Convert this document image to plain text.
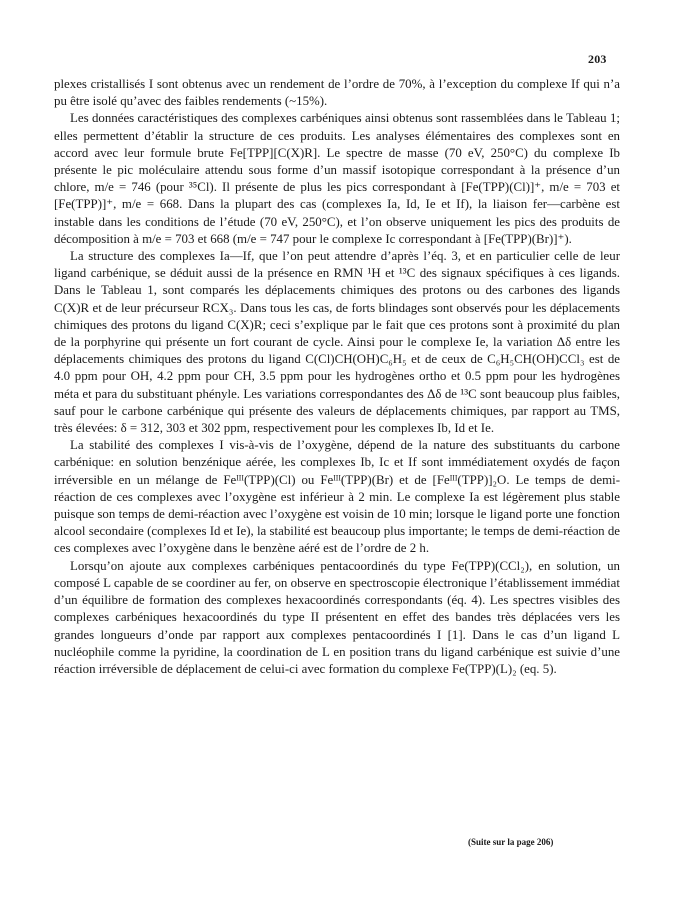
203

plexes cristallisés I sont obtenus avec un rendement de l’ordre de 70%, à l’exception du complexe If qui n’a pu être isolé qu’avec des faibles rendements (~15%).

Les données caractéristiques des complexes carbéniques ainsi obtenus sont rassemblées dans le Tableau 1; elles permettent d’établir la structure de ces produits. Les analyses élémentaires des complexes sont en accord avec leur formule brute Fe[TPP][C(X)R]. Le spectre de masse (70 eV, 250°C) du complexe Ib présente le pic moléculaire attendu sous forme d’un massif isotopique correspondant à la présence d’un chlore, m/e = 746 (pour ³⁵Cl). Il présente de plus les pics correspondant à [Fe(TPP)(Cl)]⁺, m/e = 703 et [Fe(TPP)]⁺, m/e = 668. Dans la plupart des cas (complexes Ia, Id, Ie et If), la liaison fer—carbène est instable dans les conditions de l’étude (70 eV, 250°C), et l’on observe uniquement les pics des produits de décomposition à m/e = 703 et 668 (m/e = 747 pour le complexe Ic correspondant à [Fe(TPP)(Br)]⁺).

La structure des complexes Ia—If, que l’on peut attendre d’après l’éq. 3, et en particulier celle de leur ligand carbénique, se déduit aussi de la présence en RMN ¹H et ¹³C des signaux spécifiques à ces ligands. Dans le Tableau 1, sont comparés les déplacements chimiques des protons ou des carbones des ligands C(X)R et de leur précurseur RCX₃. Dans tous les cas, de forts blindages sont observés pour les déplacements chimiques des protons du ligand C(X)R; ceci s’explique par le fait que ces protons sont à proximité du plan de la porphyrine qui présente un fort courant de cycle. Ainsi pour le complexe Ie, la variation Δδ entre les déplacements chimiques des protons du ligand C(Cl)CH(OH)C₆H₅ et de ceux de C₆H₅CH(OH)CCl₃ est de 4.0 ppm pour OH, 4.2 ppm pour CH, 3.5 ppm pour les hydrogènes ortho et 0.5 ppm pour les hydrogènes méta et para du substituant phényle. Les variations correspondantes des Δδ de ¹³C sont beaucoup plus faibles, sauf pour le carbone carbénique qui présente des valeurs de déplacements chimiques, par rapport au TMS, très élevées: δ = 312, 303 et 302 ppm, respectivement pour les complexes Ib, Id et Ie.

La stabilité des complexes I vis-à-vis de l’oxygène, dépend de la nature des substituants du carbone carbénique: en solution benzénique aérée, les complexes Ib, Ic et If sont immédiatement oxydés de façon irréversible en un mélange de Feᴵᴵᴵ(TPP)(Cl) ou Feᴵᴵᴵ(TPP)(Br) et de [Feᴵᴵᴵ(TPP)]₂O. Le temps de demi-réaction de ces complexes avec l’oxygène est inférieur à 2 min. Le complexe Ia est légèrement plus stable puisque son temps de demi-réaction avec l’oxygène est voisin de 10 min; lorsque le ligand porte une fonction alcool secondaire (complexes Id et Ie), la stabilité est beaucoup plus importante; le temps de demi-réaction de ces complexes avec l’oxygène dans le benzène aéré est de l’ordre de 2 h.

Lorsqu’on ajoute aux complexes carbéniques pentacoordinés du type Fe(TPP)(CCl₂), en solution, un composé L capable de se coordiner au fer, on observe en spectroscopie électronique l’établissement immédiat d’un équilibre de formation des complexes hexacoordinés correspondants (éq. 4). Les spectres visibles des complexes carbéniques hexacoordinés du type II présentent en effet des bandes très déplacées vers les grandes longueurs d’onde par rapport aux complexes pentacoordinés I [1]. Dans le cas d’un ligand L nucléophile comme la pyridine, la coordination de L en position trans du ligand carbénique est suivie d’une réaction irréversible de déplacement de celui-ci avec formation du complexe Fe(TPP)(L)₂ (eq. 5).

(Suite sur la page 206)
